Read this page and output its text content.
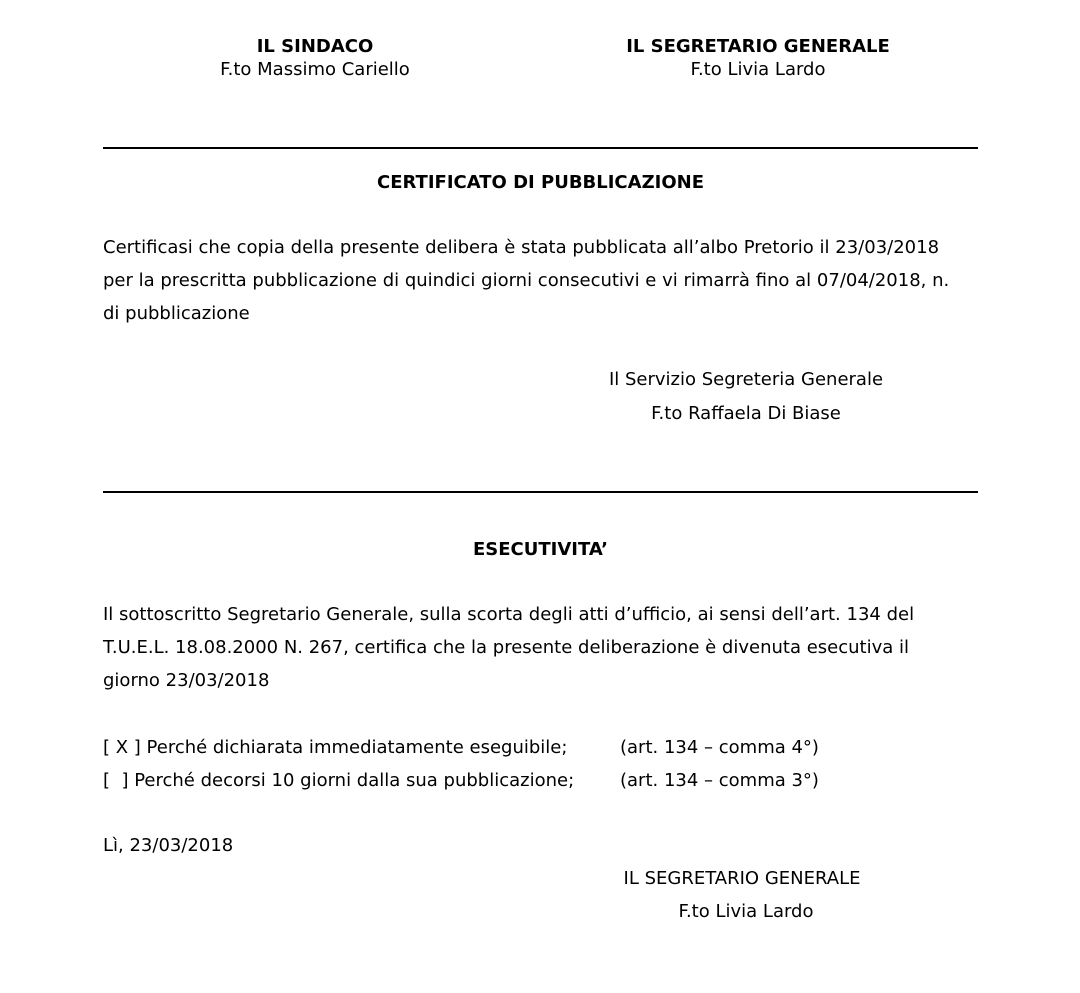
IL SINDACO
F.to Massimo Cariello
IL SEGRETARIO GENERALE
F.to Livia Lardo
CERTIFICATO DI PUBBLICAZIONE
Certificasi che copia della presente delibera è stata pubblicata all’albo Pretorio il 23/03/2018
per la prescritta pubblicazione di quindici giorni consecutivi e vi rimarrà fino al 07/04/2018, n.
di pubblicazione
Il Servizio Segreteria Generale
F.to Raffaela Di Biase
ESECUTIVITA’
Il sottoscritto Segretario Generale, sulla scorta degli atti d’ufficio, ai sensi dell’art. 134 del
T.U.E.L. 18.08.2000 N. 267, certifica che la presente deliberazione è divenuta esecutiva il
giorno 23/03/2018
[ X ] Perché dichiarata immediatamente eseguibile;	(art. 134 – comma 4°)
[  ] Perché decorsi 10 giorni dalla sua pubblicazione;	(art. 134 – comma 3°)
Lì, 23/03/2018
IL SEGRETARIO GENERALE
F.to Livia Lardo
